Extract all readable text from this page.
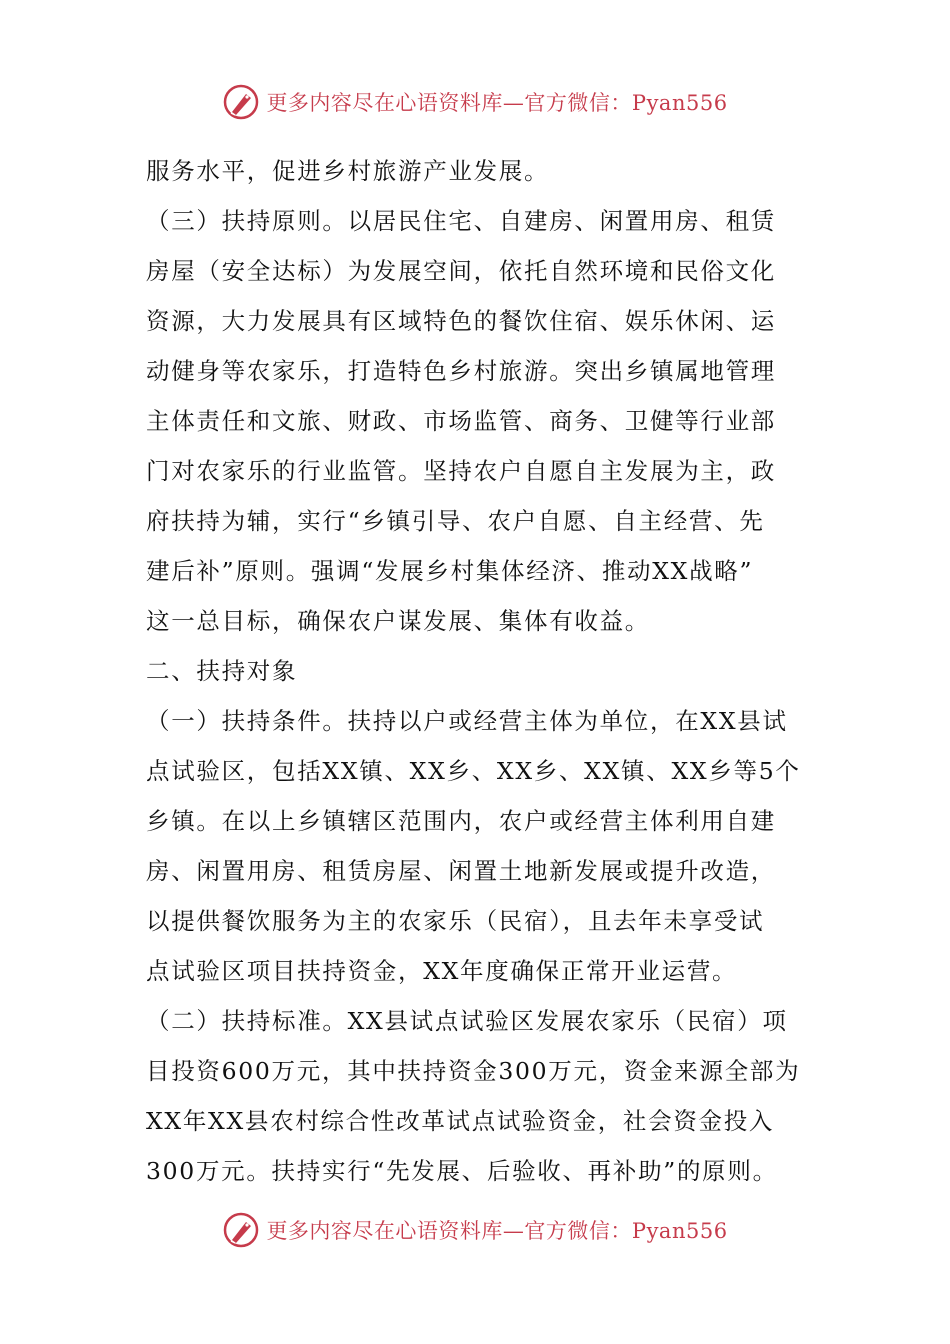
更多内容尽在心语资料库—官方微信：Pyan556
服务水平，促进乡村旅游产业发展。
（三）扶持原则。以居民住宅、自建房、闲置用房、租赁
房屋（安全达标）为发展空间，依托自然环境和民俗文化
资源，大力发展具有区域特色的餐饮住宿、娱乐休闲、运
动健身等农家乐，打造特色乡村旅游。突出乡镇属地管理
主体责任和文旅、财政、市场监管、商务、卫健等行业部
门对农家乐的行业监管。坚持农户自愿自主发展为主，政
府扶持为辅，实行“乡镇引导、农户自愿、自主经营、先
建后补”原则。强调“发展乡村集体经济、推动XX战略”
这一总目标，确保农户谋发展、集体有收益。
二、扶持对象
（一）扶持条件。扶持以户或经营主体为单位，在XX县试
点试验区，包括XX镇、XX乡、XX乡、XX镇、XX乡等5个
乡镇。在以上乡镇辖区范围内，农户或经营主体利用自建
房、闲置用房、租赁房屋、闲置土地新发展或提升改造，
以提供餐饮服务为主的农家乐（民宿），且去年未享受试
点试验区项目扶持资金，XX年度确保正常开业运营。
（二）扶持标准。XX县试点试验区发展农家乐（民宿）项
目投资600万元，其中扶持资金300万元，资金来源全部为
XX年XX县农村综合性改革试点试验资金，社会资金投入
300万元。扶持实行“先发展、后验收、再补助”的原则。
更多内容尽在心语资料库—官方微信：Pyan556
